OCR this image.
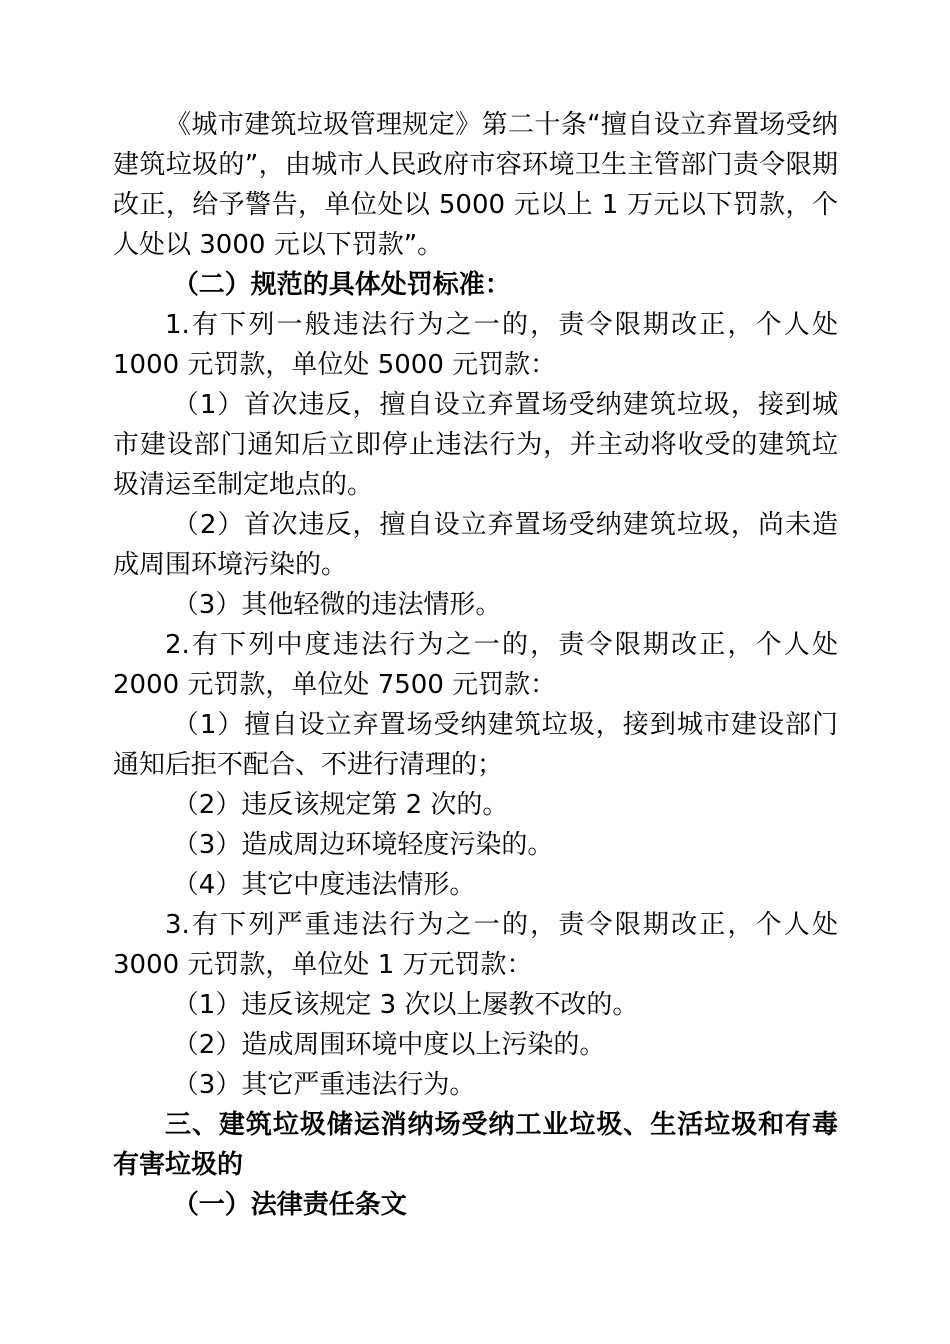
《城市建筑垃圾管理规定》第二十条“擅自设立弃置场受纳建筑垃圾的”，由城市人民政府市容环境卫生主管部门责令限期改正，给予警告，单位处以 5000 元以上 1 万元以下罚款，个人处以 3000 元以下罚款”。

（二）规范的具体处罚标准：

1.有下列一般违法行为之一的，责令限期改正，个人处 1000 元罚款，单位处 5000 元罚款：

（1）首次违反，擅自设立弃置场受纳建筑垃圾，接到城市建设部门通知后立即停止违法行为，并主动将收受的建筑垃圾清运至制定地点的。

（2）首次违反，擅自设立弃置场受纳建筑垃圾，尚未造成周围环境污染的。

（3）其他轻微的违法情形。

2.有下列中度违法行为之一的，责令限期改正，个人处 2000 元罚款，单位处 7500 元罚款：

（1）擅自设立弃置场受纳建筑垃圾，接到城市建设部门通知后拒不配合、不进行清理的；

（2）违反该规定第 2 次的。

（3）造成周边环境轻度污染的。

（4）其它中度违法情形。

3.有下列严重违法行为之一的，责令限期改正，个人处 3000 元罚款，单位处 1 万元罚款：

（1）违反该规定 3 次以上屡教不改的。

（2）造成周围环境中度以上污染的。

（3）其它严重违法行为。

三、建筑垃圾储运消纳场受纳工业垃圾、生活垃圾和有毒有害垃圾的

（一）法律责任条文
